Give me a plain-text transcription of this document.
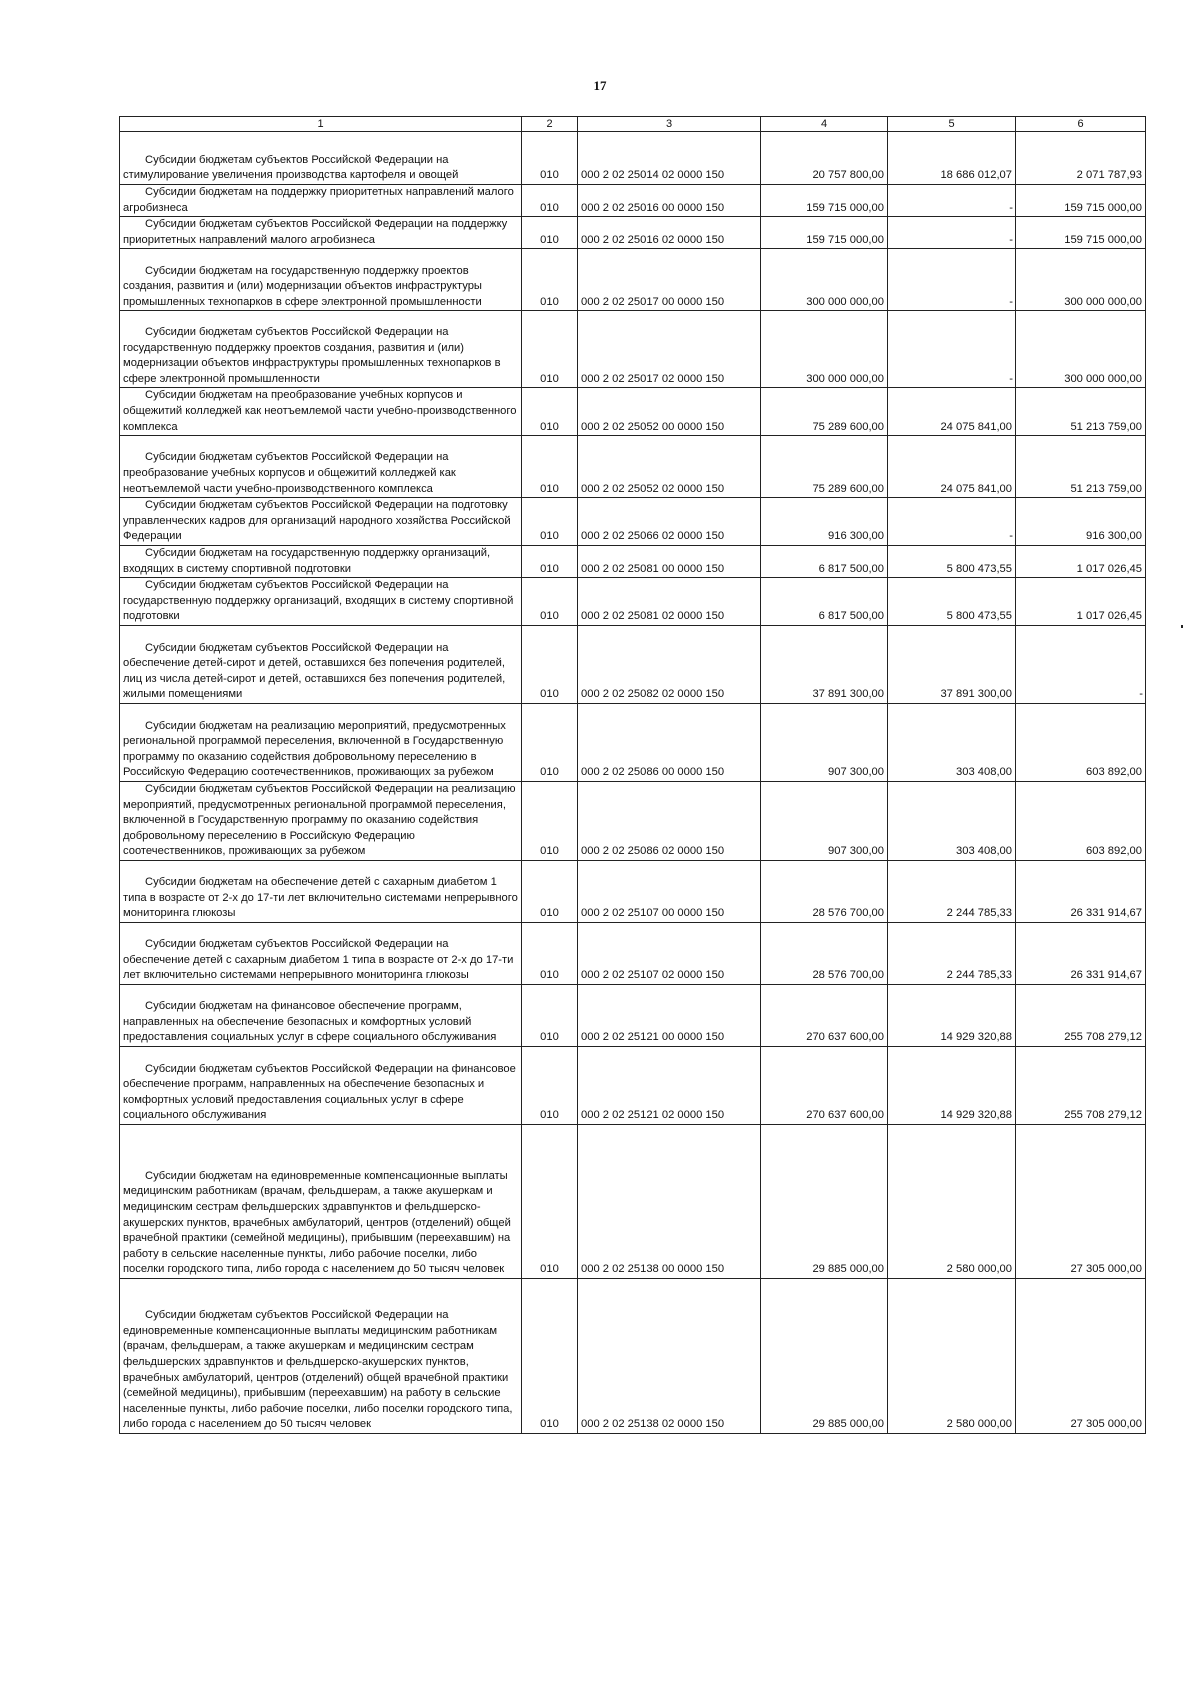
17
1	2	3	4	5	6
Субсидии бюджетам субъектов Российской Федерации на стимулирование увеличения производства картофеля и овощей	010	000 2 02 25014 02 0000 150	20 757 800,00	18 686 012,07	2 071 787,93
Субсидии бюджетам на поддержку приоритетных направлений малого агробизнеса	010	000 2 02 25016 00 0000 150	159 715 000,00	-	159 715 000,00
Субсидии бюджетам субъектов Российской Федерации на поддержку приоритетных направлений малого агробизнеса	010	000 2 02 25016 02 0000 150	159 715 000,00	-	159 715 000,00
Субсидии бюджетам на государственную поддержку проектов создания, развития и (или) модернизации объектов инфраструктуры промышленных технопарков в сфере электронной промышленности	010	000 2 02 25017 00 0000 150	300 000 000,00	-	300 000 000,00
Субсидии бюджетам субъектов Российской Федерации на государственную поддержку проектов создания, развития и (или) модернизации объектов инфраструктуры промышленных технопарков в сфере электронной промышленности	010	000 2 02 25017 02 0000 150	300 000 000,00	-	300 000 000,00
Субсидии бюджетам на преобразование учебных корпусов и общежитий колледжей как неотъемлемой части учебно-производственного комплекса	010	000 2 02 25052 00 0000 150	75 289 600,00	24 075 841,00	51 213 759,00
Субсидии бюджетам субъектов Российской Федерации на преобразование учебных корпусов и общежитий колледжей как неотъемлемой части учебно-производственного комплекса	010	000 2 02 25052 02 0000 150	75 289 600,00	24 075 841,00	51 213 759,00
Субсидии бюджетам субъектов Российской Федерации на подготовку управленческих кадров для организаций народного хозяйства Российской Федерации	010	000 2 02 25066 02 0000 150	916 300,00	-	916 300,00
Субсидии бюджетам на государственную поддержку организаций, входящих в систему спортивной подготовки	010	000 2 02 25081 00 0000 150	6 817 500,00	5 800 473,55	1 017 026,45
Субсидии бюджетам субъектов Российской Федерации на государственную поддержку организаций, входящих в систему спортивной подготовки	010	000 2 02 25081 02 0000 150	6 817 500,00	5 800 473,55	1 017 026,45
Субсидии бюджетам субъектов Российской Федерации на обеспечение детей-сирот и детей, оставшихся без попечения родителей, лиц из числа детей-сирот и детей, оставшихся без попечения родителей, жилыми помещениями	010	000 2 02 25082 02 0000 150	37 891 300,00	37 891 300,00	-
Субсидии бюджетам на реализацию мероприятий, предусмотренных региональной программой переселения, включенной в Государственную программу по оказанию содействия добровольному переселению в Российскую Федерацию соотечественников, проживающих за рубежом	010	000 2 02 25086 00 0000 150	907 300,00	303 408,00	603 892,00
Субсидии бюджетам субъектов Российской Федерации на реализацию мероприятий, предусмотренных региональной программой переселения, включенной в Государственную программу по оказанию содействия добровольному переселению в Российскую Федерацию соотечественников, проживающих за рубежом	010	000 2 02 25086 02 0000 150	907 300,00	303 408,00	603 892,00
Субсидии бюджетам на обеспечение детей с сахарным диабетом 1 типа в возрасте от 2-х до 17-ти лет включительно системами непрерывного мониторинга глюкозы	010	000 2 02 25107 00 0000 150	28 576 700,00	2 244 785,33	26 331 914,67
Субсидии бюджетам субъектов Российской Федерации на обеспечение детей с сахарным диабетом 1 типа в возрасте от 2-х до 17-ти лет включительно системами непрерывного мониторинга глюкозы	010	000 2 02 25107 02 0000 150	28 576 700,00	2 244 785,33	26 331 914,67
Субсидии бюджетам на финансовое обеспечение программ, направленных на обеспечение безопасных и комфортных условий предоставления социальных услуг в сфере социального обслуживания	010	000 2 02 25121 00 0000 150	270 637 600,00	14 929 320,88	255 708 279,12
Субсидии бюджетам субъектов Российской Федерации на финансовое обеспечение программ, направленных на обеспечение безопасных и комфортных условий предоставления социальных услуг в сфере социального обслуживания	010	000 2 02 25121 02 0000 150	270 637 600,00	14 929 320,88	255 708 279,12
Субсидии бюджетам на единовременные компенсационные выплаты медицинским работникам (врачам, фельдшерам, а также акушеркам и медицинским сестрам фельдшерских здравпунктов и фельдшерско-акушерских пунктов, врачебных амбулаторий, центров (отделений) общей врачебной практики (семейной медицины), прибывшим (переехавшим) на работу в сельские населенные пункты, либо рабочие поселки, либо поселки городского типа, либо города с населением до 50 тысяч человек	010	000 2 02 25138 00 0000 150	29 885 000,00	2 580 000,00	27 305 000,00
Субсидии бюджетам субъектов Российской Федерации на единовременные компенсационные выплаты медицинским работникам (врачам, фельдшерам, а также акушеркам и медицинским сестрам фельдшерских здравпунктов и фельдшерско-акушерских пунктов, врачебных амбулаторий, центров (отделений) общей врачебной практики (семейной медицины), прибывшим (переехавшим) на работу в сельские населенные пункты, либо рабочие поселки, либо поселки городского типа, либо города с населением до 50 тысяч человек	010	000 2 02 25138 02 0000 150	29 885 000,00	2 580 000,00	27 305 000,00
